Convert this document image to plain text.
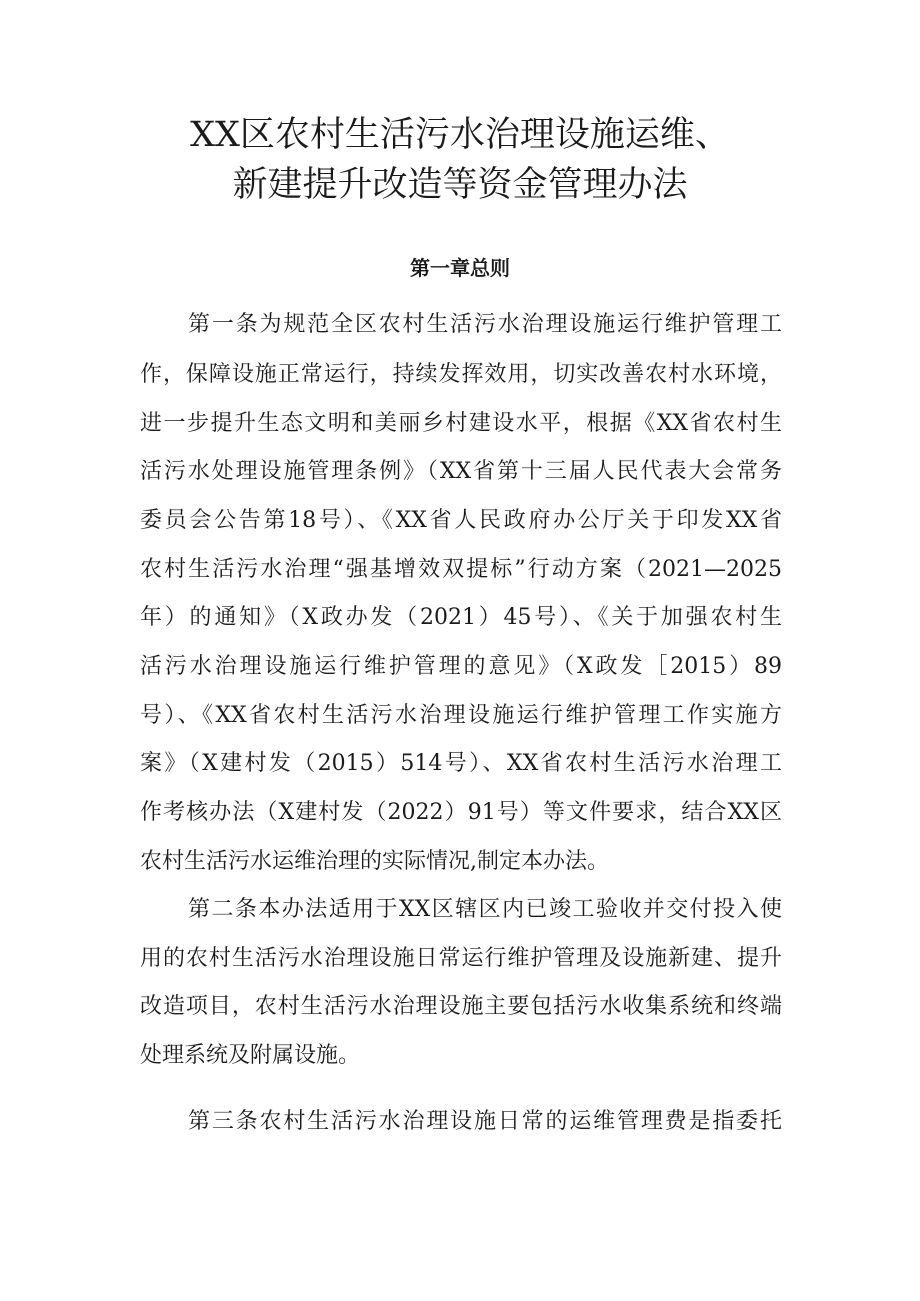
XX区农村生活污水治理设施运维、
新建提升改造等资金管理办法
第一章总则
第一条为规范全区农村生活污水治理设施运行维护管理工
作，保障设施正常运行，持续发挥效用，切实改善农村水环境，
进一步提升生态文明和美丽乡村建设水平，根据《XX省农村生
活污水处理设施管理条例》（XX省第十三届人民代表大会常务
委员会公告第18号）、《XX省人民政府办公厅关于印发XX省
农村生活污水治理“强基增效双提标”行动方案（2021—2025
年）的通知》（X政办发（2021）45号）、《关于加强农村生
活污水治理设施运行维护管理的意见》（X政发［2015）89
号）、《XX省农村生活污水治理设施运行维护管理工作实施方
案》（X建村发（2015）514号）、XX省农村生活污水治理工
作考核办法（X建村发（2022）91号）等文件要求，结合XX区
农村生活污水运维治理的实际情况,制定本办法。
第二条本办法适用于XX区辖区内已竣工验收并交付投入使
用的农村生活污水治理设施日常运行维护管理及设施新建、提升
改造项目，农村生活污水治理设施主要包括污水收集系统和终端
处理系统及附属设施。
第三条农村生活污水治理设施日常的运维管理费是指委托
